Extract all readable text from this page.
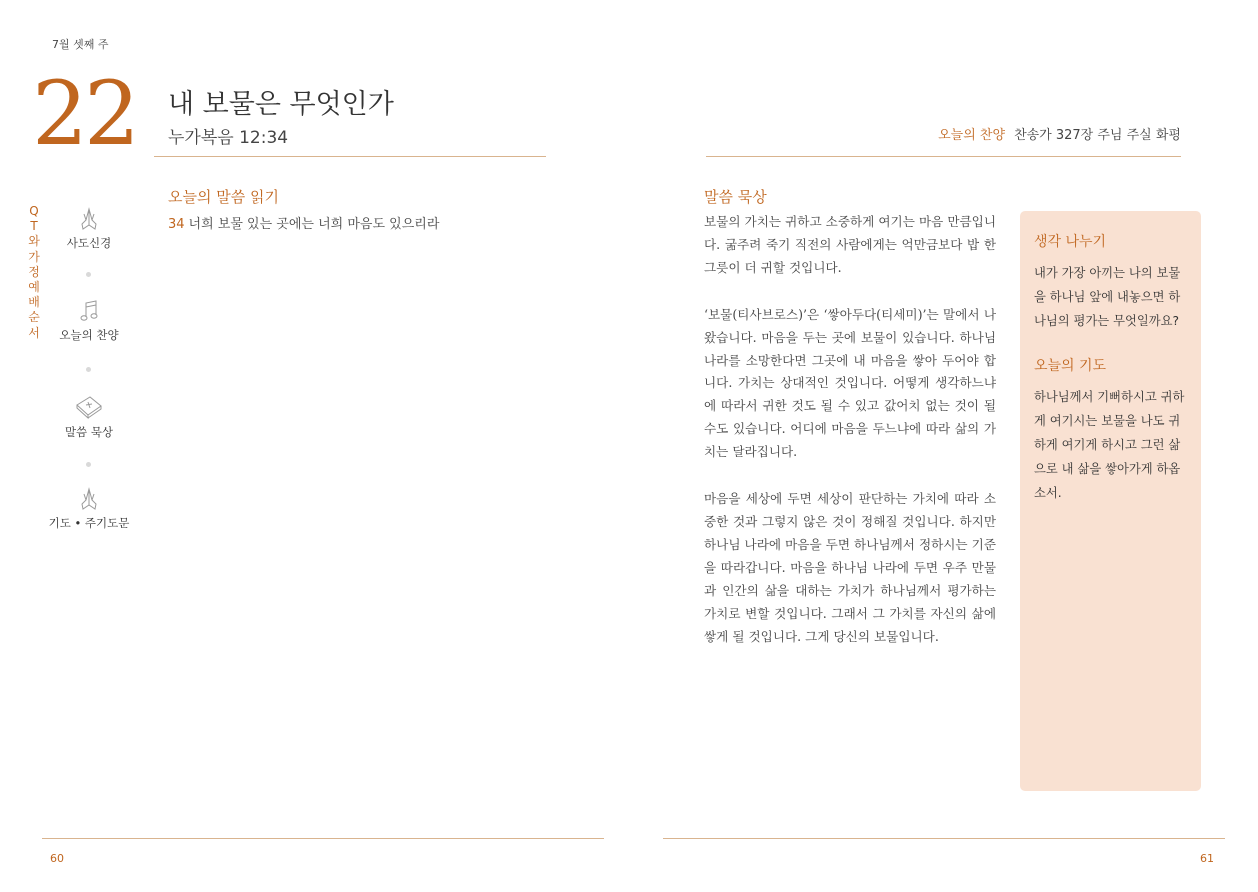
7월 셋째 주
22 내 보물은 무엇인가
누가복음 12:34	오늘의 찬양 찬송가 327장 주님 주실 화평
QT와 가정예배 순서
사도신경
오늘의 찬양
말씀 묵상
기도 • 주기도문
오늘의 말씀 읽기
34 너희 보물 있는 곳에는 너희 마음도 있으리라
말씀 묵상

보물의 가치는 귀하고 소중하게 여기는 마음 만큼입니다. 굶주려 죽기 직전의 사람에게는 억만금보다 밥 한 그릇이 더 귀할 것입니다.

‘보물(티사브로스)’은 ‘쌓아두다(티세미)’는 말에서 나왔습니다. 마음을 두는 곳에 보물이 있습니다. 하나님 나라를 소망한다면 그곳에 내 마음을 쌓아 두어야 합니다. 가치는 상대적인 것입니다. 어떻게 생각하느냐에 따라서 귀한 것도 될 수 있고 값어치 없는 것이 될 수도 있습니다. 어디에 마음을 두느냐에 따라 삶의 가치는 달라집니다.

마음을 세상에 두면 세상이 판단하는 가치에 따라 소중한 것과 그렇지 않은 것이 정해질 것입니다. 하지만 하나님 나라에 마음을 두면 하나님께서 정하시는 기준을 따라갑니다. 마음을 하나님 나라에 두면 우주 만물과 인간의 삶을 대하는 가치가 하나님께서 평가하는 가치로 변할 것입니다. 그래서 그 가치를 자신의 삶에 쌓게 될 것입니다. 그게 당신의 보물입니다.

생각 나누기
내가 가장 아끼는 나의 보물을 하나님 앞에 내놓으면 하나님의 평가는 무엇일까요?
오늘의 기도
하나님께서 기뻐하시고 귀하게 여기시는 보물을 나도 귀하게 여기게 하시고 그런 삶으로 내 삶을 쌓아가게 하옵소서.
60	61
